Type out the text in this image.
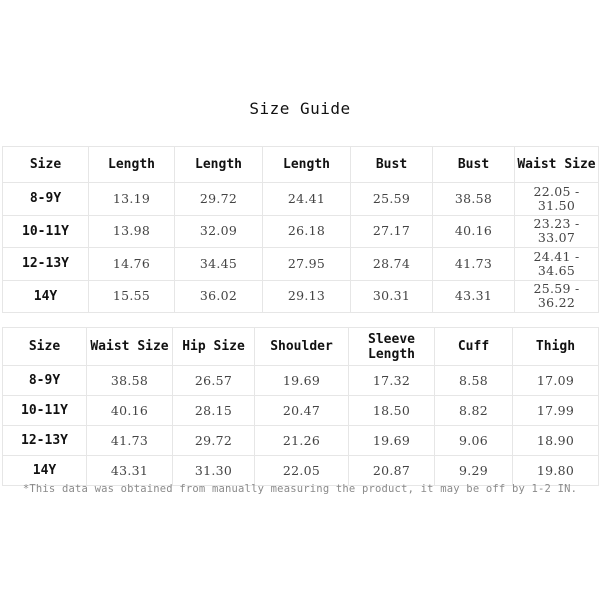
Size Guide
Size	Length	Length	Length	Bust	Bust	Waist Size
8-9Y	13.19	29.72	24.41	25.59	38.58	22.05 - 31.50
10-11Y	13.98	32.09	26.18	27.17	40.16	23.23 - 33.07
12-13Y	14.76	34.45	27.95	28.74	41.73	24.41 - 34.65
14Y	15.55	36.02	29.13	30.31	43.31	25.59 - 36.22
Size	Waist Size	Hip Size	Shoulder	Sleeve Length	Cuff	Thigh
8-9Y	38.58	26.57	19.69	17.32	8.58	17.09
10-11Y	40.16	28.15	20.47	18.50	8.82	17.99
12-13Y	41.73	29.72	21.26	19.69	9.06	18.90
14Y	43.31	31.30	22.05	20.87	9.29	19.80
*This data was obtained from manually measuring the product, it may be off by 1-2 IN.
